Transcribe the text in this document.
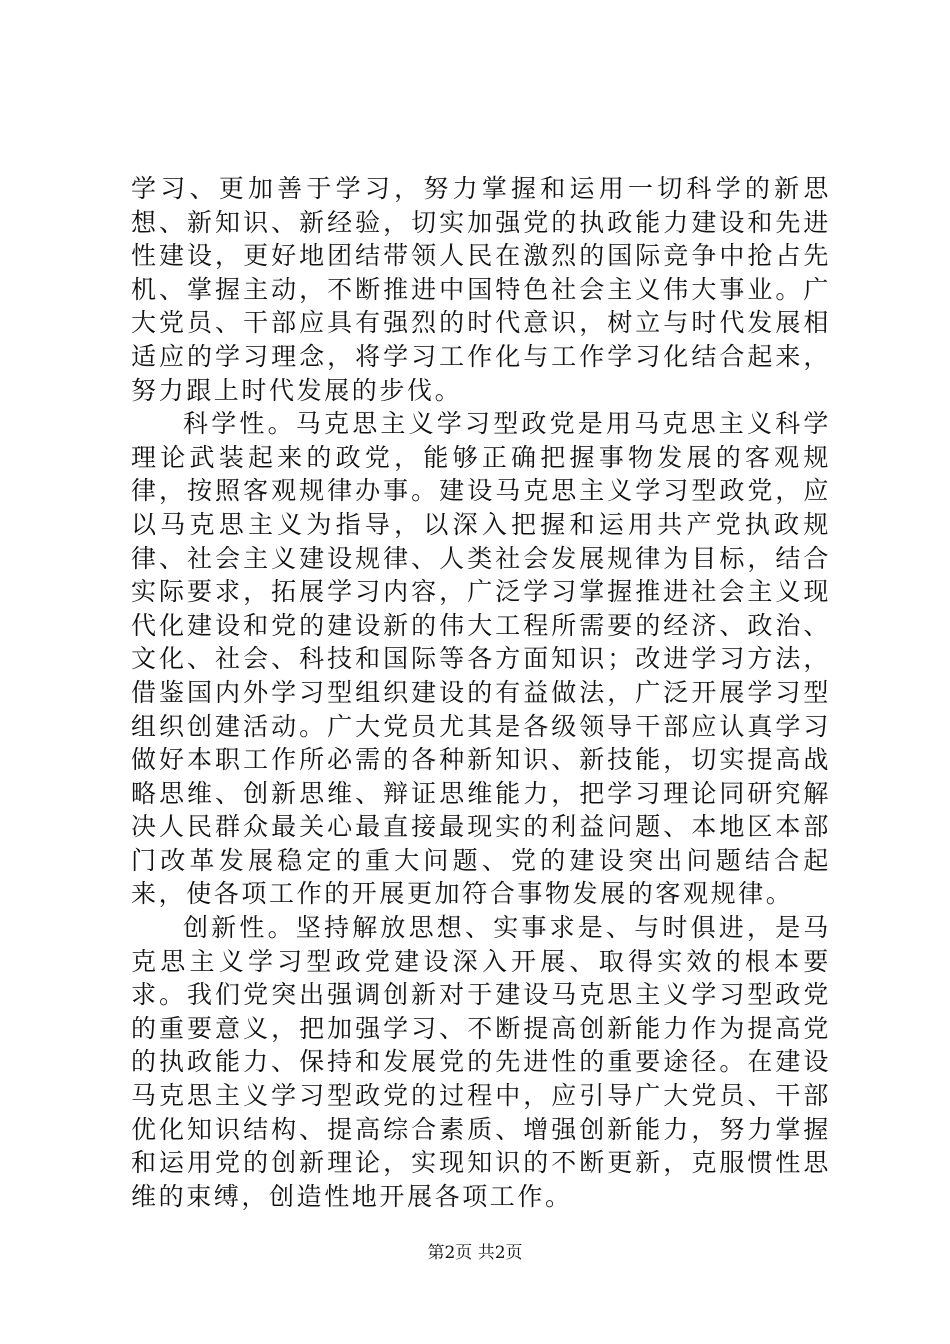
学习、更加善于学习，努力掌握和运用一切科学的新思想、新知识、新经验，切实加强党的执政能力建设和先进性建设，更好地团结带领人民在激烈的国际竞争中抢占先机、掌握主动，不断推进中国特色社会主义伟大事业。广大党员、干部应具有强烈的时代意识，树立与时代发展相适应的学习理念，将学习工作化与工作学习化结合起来，努力跟上时代发展的步伐。

科学性。马克思主义学习型政党是用马克思主义科学理论武装起来的政党，能够正确把握事物发展的客观规律，按照客观规律办事。建设马克思主义学习型政党，应以马克思主义为指导，以深入把握和运用共产党执政规律、社会主义建设规律、人类社会发展规律为目标，结合实际要求，拓展学习内容，广泛学习掌握推进社会主义现代化建设和党的建设新的伟大工程所需要的经济、政治、文化、社会、科技和国际等各方面知识；改进学习方法，借鉴国内外学习型组织建设的有益做法，广泛开展学习型组织创建活动。广大党员尤其是各级领导干部应认真学习做好本职工作所必需的各种新知识、新技能，切实提高战略思维、创新思维、辩证思维能力，把学习理论同研究解决人民群众最关心最直接最现实的利益问题、本地区本部门改革发展稳定的重大问题、党的建设突出问题结合起来，使各项工作的开展更加符合事物发展的客观规律。

创新性。坚持解放思想、实事求是、与时俱进，是马克思主义学习型政党建设深入开展、取得实效的根本要求。我们党突出强调创新对于建设马克思主义学习型政党的重要意义，把加强学习、不断提高创新能力作为提高党的执政能力、保持和发展党的先进性的重要途径。在建设马克思主义学习型政党的过程中，应引导广大党员、干部优化知识结构、提高综合素质、增强创新能力，努力掌握和运用党的创新理论，实现知识的不断更新，克服惯性思维的束缚，创造性地开展各项工作。

第2页 共2页
